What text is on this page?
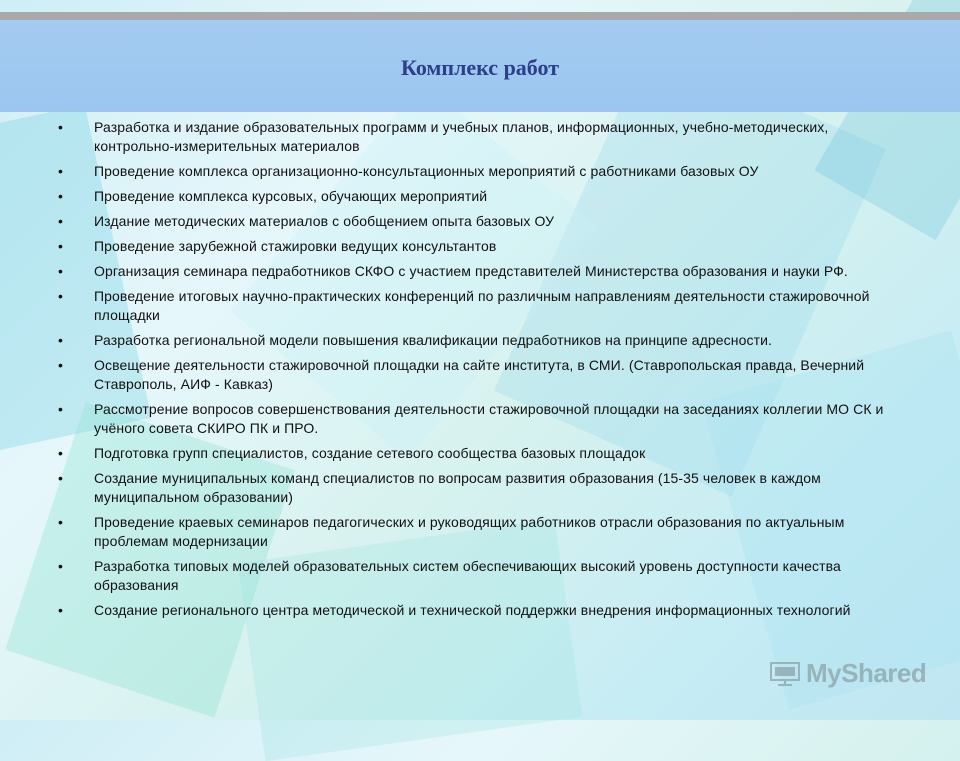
Комплекс работ
• Разработка и издание образовательных программ и учебных планов, информационных, учебно-методических, контрольно-измерительных материалов
• Проведение комплекса организационно-консультационных мероприятий с работниками базовых ОУ
• Проведение комплекса курсовых, обучающих мероприятий
• Издание методических материалов с обобщением опыта базовых ОУ
• Проведение зарубежной стажировки ведущих консультантов
• Организация семинара педработников СКФО с участием представителей Министерства образования и науки РФ.
• Проведение итоговых научно-практических конференций по различным направлениям деятельности стажировочной площадки
• Разработка региональной модели повышения квалификации педработников на принципе адресности.
• Освещение деятельности стажировочной площадки на сайте института, в СМИ. (Ставропольская правда, Вечерний Ставрополь, АИФ - Кавказ)
• Рассмотрение вопросов совершенствования деятельности стажировочной площадки на заседаниях коллегии МО СК и учёного совета СКИРО ПК и ПРО.
• Подготовка групп специалистов, создание сетевого сообщества базовых площадок
• Создание муниципальных команд специалистов по вопросам развития образования (15-35 человек в каждом муниципальном образовании)
• Проведение краевых семинаров педагогических и руководящих работников отрасли образования по актуальным проблемам модернизации
• Разработка типовых моделей образовательных систем обеспечивающих высокий уровень доступности качества образования
• Создание регионального центра методической и технической поддержки внедрения информационных технологий
MyShared
